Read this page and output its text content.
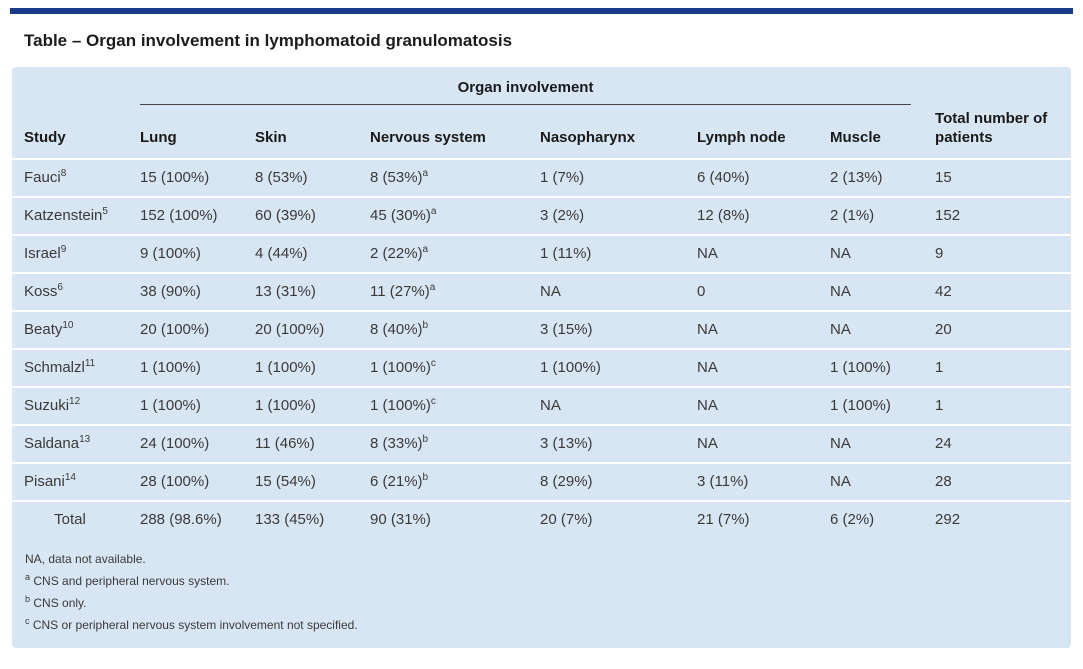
Table – Organ involvement in lymphomatoid granulomatosis

	Organ involvement						

Study	Lung	Skin	Nervous system	Nasopharynx	Lymph node	Muscle	Total number of patients
Fauci$^8$	15 (100%)	8 (53%)	8 $(53\%)^a$	1 (7%)	6 (40%)	2 (13%)	15
Katzenstein$^5$	152 (100%)	60 (39%)	45 $(30\%)^a$	3 (2%)	12 (8%)	2 (1%)	152
Israel$^9$	9 (100%)	4 (44%)	2 $(22\%)^a$	1 (11%)	NA	NA	9
Koss$^6$	38 (90%)	13 (31%)	11 $(27\%)^a$	NA	0	NA	42
Beaty$^{10}$	20 (100%)	20 (100%)	8 $(40\%)^b$	3 (15%)	NA	NA	20
Schmalzl$^{11}$	1 (100%)	1 (100%)	1 $(100\%)^c$	1 (100%)	NA	1 (100%)	1
Suzuki$^{12}$	1 (100%)	1 (100%)	1 $(100\%)^c$	NA	NA	1 (100%)	1
Saldana$^{13}$	24 (100%)	11 (46%)	8 $(33\%)^b$	3 (13%)	NA	NA	24
Pisani$^{14}$	28 (100%)	15 (54%)	6 $(21\%)^b$	8 (29%)	3 (11%)	NA	28
Total	288 (98.6%)	133 (45%)	90 (31%)	20 (7%)	21 (7%)	6 (2%)	292
NA, data not available.
$^a$ CNS and peripheral nervous system.
$^b$ CNS only.
$^c$ CNS or peripheral nervous system involvement not specified.
